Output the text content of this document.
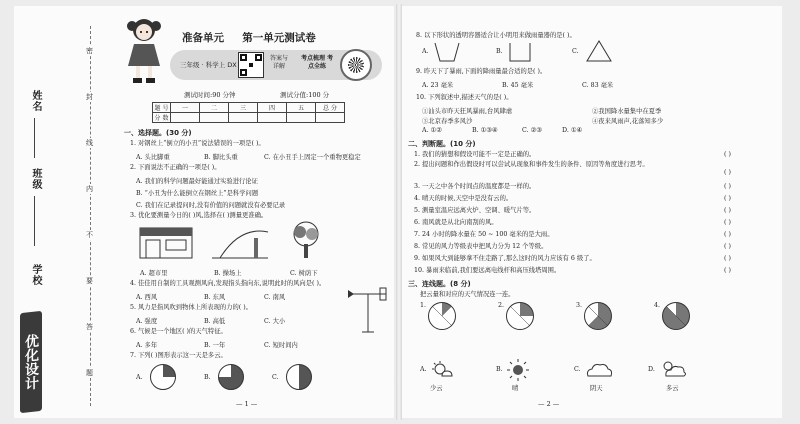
姓名
班级
学校
密
封
线
内
不
要
答
题
优化设计
准备单元 第一单元测试卷
三年级 · 科学上 DX
答案与详解
考点梳理 考点全练
测试时间:90 分钟	测试分值:100 分
题 号	一	二	三	四	五	总 分
分 数						
一、选择题。(30 分)
1. 对钢丝上“倒立的小丑”说法错误的一项是( )。
A. 头比脚重	B. 脚比头重	C. 在小丑手上固定一个重物更稳定
2. 下面说法不正确的一项是( )。
A. 我们的科学问题最好能通过实验进行论证
B. “小丑为什么能倒立在钢丝上”是科学问题
C. 我们在记录提问时,没有价值的问题就没有必要记录
3. 优化要测量今日的( )风,选择在( )测量更准确。
A. 超市里	B. 操场上	C. 树荫下
4. 佳佳用自制的工具观测风向,发现指头指向东,说明此时的风向是( )。
A. 西风	B. 东风	C. 南风
5. 风力是指风吹到物体上所表现的力的( )。
A. 强度	B. 高低	C. 大小
6. 气候是一个地区( )的天气特征。
A. 多年	B. 一年	C. 短时间内
7. 下列( )图形表示这一天是多云。
A.	B.	C.
— 1 —
8. 以下形状的透明容器适合让小明用来做雨量器的是( )。
A.	B.	C.
9. 昨天下了暴雨,下面的降雨量最合适的是( )。
A. 23 毫米	B. 45 毫米	C. 83 毫米
10. 下列叙述中,描述天气的是( )。
①汕头市昨天狂风暴雨,台风肆虐	②我国降水量集中在夏季
③北京春季多风沙	④夜来风雨声,花落知多少
A. ①②	B. ①③④	C. ②③	D. ①④
二、判断题。(10 分)
1. 我们的猜想和假设可能不一定是正确的。	( )
2. 提出问题和作出假设时可以尝试从现象和事件发生的条件、原因等角度进行思考。
( )
3. 一天之中各个时间点的温度都是一样的。	( )
4. 晴天的时候,天空中是没有云的。	( )
5. 测量室温应远离火炉、空调、暖气片等。	( )
6. 南风就是从北向南刮的风。	( )
7. 24 小时的降水量在 50 ~ 100 毫米的是大雨。	( )
8. 常见的风力等级表中把风力分为 12 个等级。	( )
9. 如果风大到能够拿不住走路了,那么这时的风力应该有 6 级了。	( )
10. 暴雨来临前,我们要远离电线杆和高压线塔周围。	( )
三、连线题。(8 分)
把云量和对应的天气情况连一连。
1.	2.	3.	4.
A.
少云
B.
晴
C.
阴天
D.
多云
— 2 —
